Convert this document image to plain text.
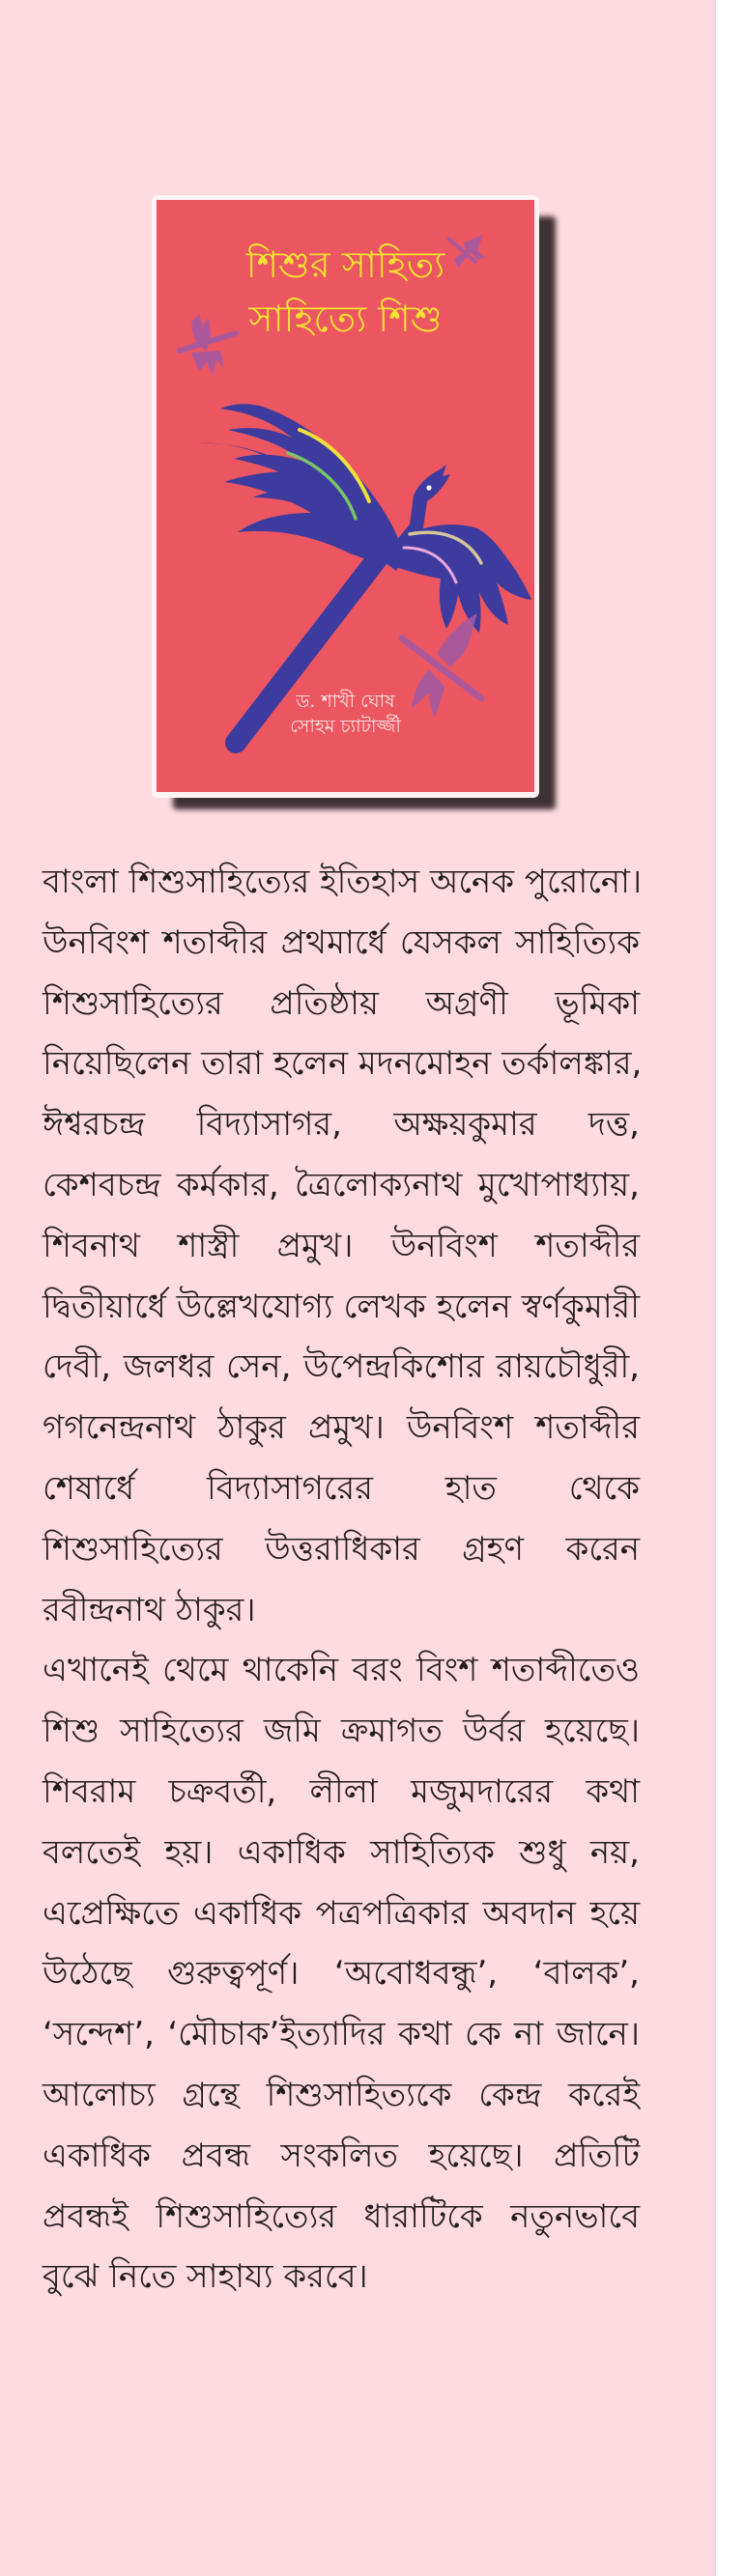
শিশুর সাহিত্য
সাহিত্যে শিশু
ড. শাখী ঘোষ
সোহম চ্যাটার্জ্জী
বাংলা শিশুসাহিত্যের ইতিহাস অনেক পুরোনো।
উনবিংশ শতাব্দীর প্রথমার্ধে যেসকল সাহিত্যিক
শিশুসাহিত্যের প্রতিষ্ঠায় অগ্রণী ভূমিকা
নিয়েছিলেন তারা হলেন মদনমোহন তর্কালঙ্কার,
ঈশ্বরচন্দ্র বিদ্যাসাগর, অক্ষয়কুমার দত্ত,
কেশবচন্দ্র কর্মকার, ত্রৈলোক্যনাথ মুখোপাধ্যায়,
শিবনাথ শাস্ত্রী প্রমুখ। উনবিংশ শতাব্দীর
দ্বিতীয়ার্ধে উল্লেখযোগ্য লেখক হলেন স্বর্ণকুমারী
দেবী, জলধর সেন, উপেন্দ্রকিশোর রায়চৌধুরী,
গগনেন্দ্রনাথ ঠাকুর প্রমুখ। উনবিংশ শতাব্দীর
শেষার্ধে বিদ্যাসাগরের হাত থেকে
শিশুসাহিত্যের উত্তরাধিকার গ্রহণ করেন
রবীন্দ্রনাথ ঠাকুর।
এখানেই থেমে থাকেনি বরং বিংশ শতাব্দীতেও
শিশু সাহিত্যের জমি ক্রমাগত উর্বর হয়েছে।
শিবরাম চক্রবর্তী, লীলা মজুমদারের কথা
বলতেই হয়। একাধিক সাহিত্যিক শুধু নয়,
এপ্রেক্ষিতে একাধিক পত্রপত্রিকার অবদান হয়ে
উঠেছে গুরুত্বপূর্ণ। ‘অবোধবন্ধু’, ‘বালক’,
‘সন্দেশ’, ‘মৌচাক’ইত্যাদির কথা কে না জানে।
আলোচ্য গ্রন্থে শিশুসাহিত্যকে কেন্দ্র করেই
একাধিক প্রবন্ধ সংকলিত হয়েছে। প্রতিটি
প্রবন্ধই শিশুসাহিত্যের ধারাটিকে নতুনভাবে
বুঝে নিতে সাহায্য করবে।
